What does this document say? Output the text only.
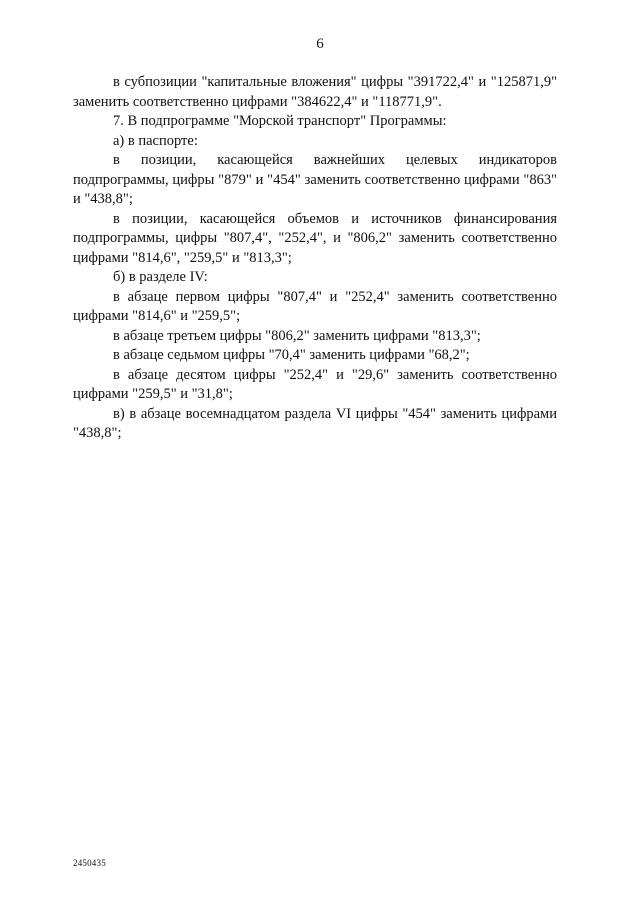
6

в субпозиции "капитальные вложения" цифры "391722,4" и "125871,9" заменить соответственно цифрами "384622,4" и "118771,9".

7. В подпрограмме "Морской транспорт" Программы:

а) в паспорте:

в позиции, касающейся важнейших целевых индикаторов подпрограммы, цифры "879" и "454" заменить соответственно цифрами "863" и "438,8";

в позиции, касающейся объемов и источников финансирования подпрограммы, цифры "807,4", "252,4", и "806,2" заменить соответственно цифрами "814,6", "259,5" и "813,3";

б) в разделе IV:

в абзаце первом цифры "807,4" и "252,4" заменить соответственно цифрами "814,6" и "259,5";

в абзаце третьем цифры "806,2" заменить цифрами "813,3";

в абзаце седьмом цифры "70,4" заменить цифрами "68,2";

в абзаце десятом цифры "252,4" и "29,6" заменить соответственно цифрами "259,5" и "31,8";

в) в абзаце восемнадцатом раздела VI цифры "454" заменить цифрами "438,8";

2450435
